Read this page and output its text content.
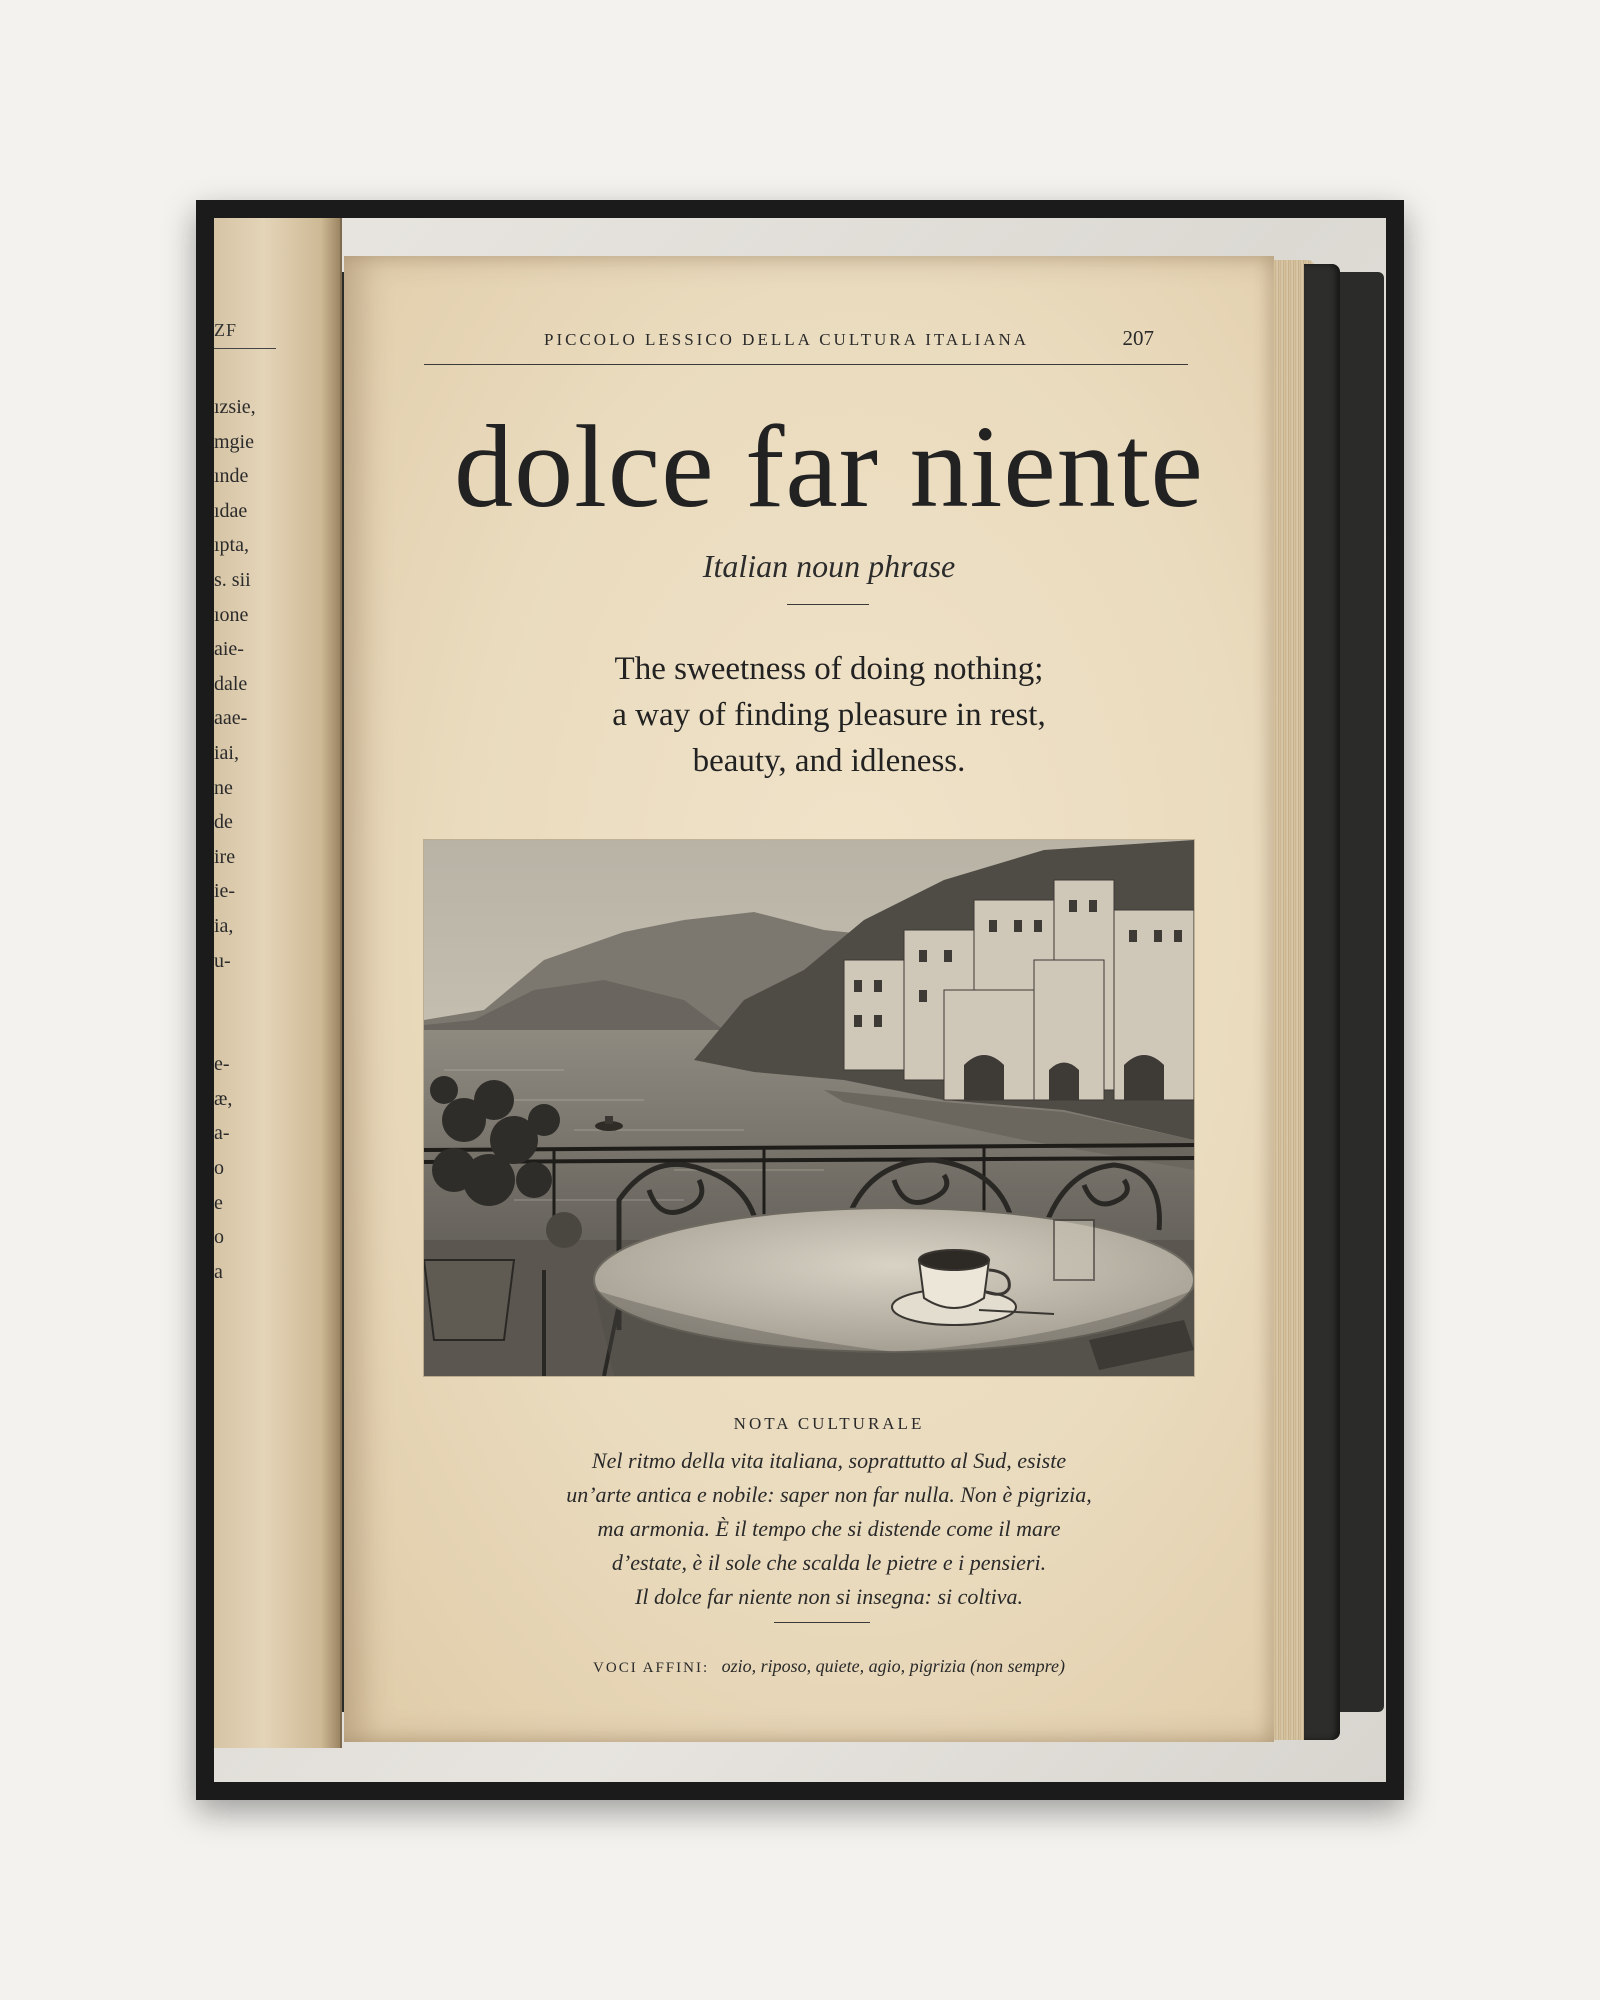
ZF
ızsie,
mgie
ınde
ıdae
ıpta,
s. sii
ıone
aie-
dale
aae-
iai,
ne
de
ire
ie-
ia,
u-

e-
æ,
a-
o
e
o
a
PICCOLO LESSICO DELLA CULTURA ITALIANA	207
dolce far niente
Italian noun phrase
The sweetness of doing nothing;
a way of finding pleasure in rest,
beauty, and idleness.
NOTA CULTURALE
Nel ritmo della vita italiana, soprattutto al Sud, esiste
un’arte antica e nobile: saper non far nulla. Non è pigrizia,
ma armonia. È il tempo che si distende come il mare
d’estate, è il sole che scalda le pietre e i pensieri.
Il dolce far niente non si insegna: si coltiva.
VOCI AFFINI: ozio, riposo, quiete, agio, pigrizia (non sempre)
